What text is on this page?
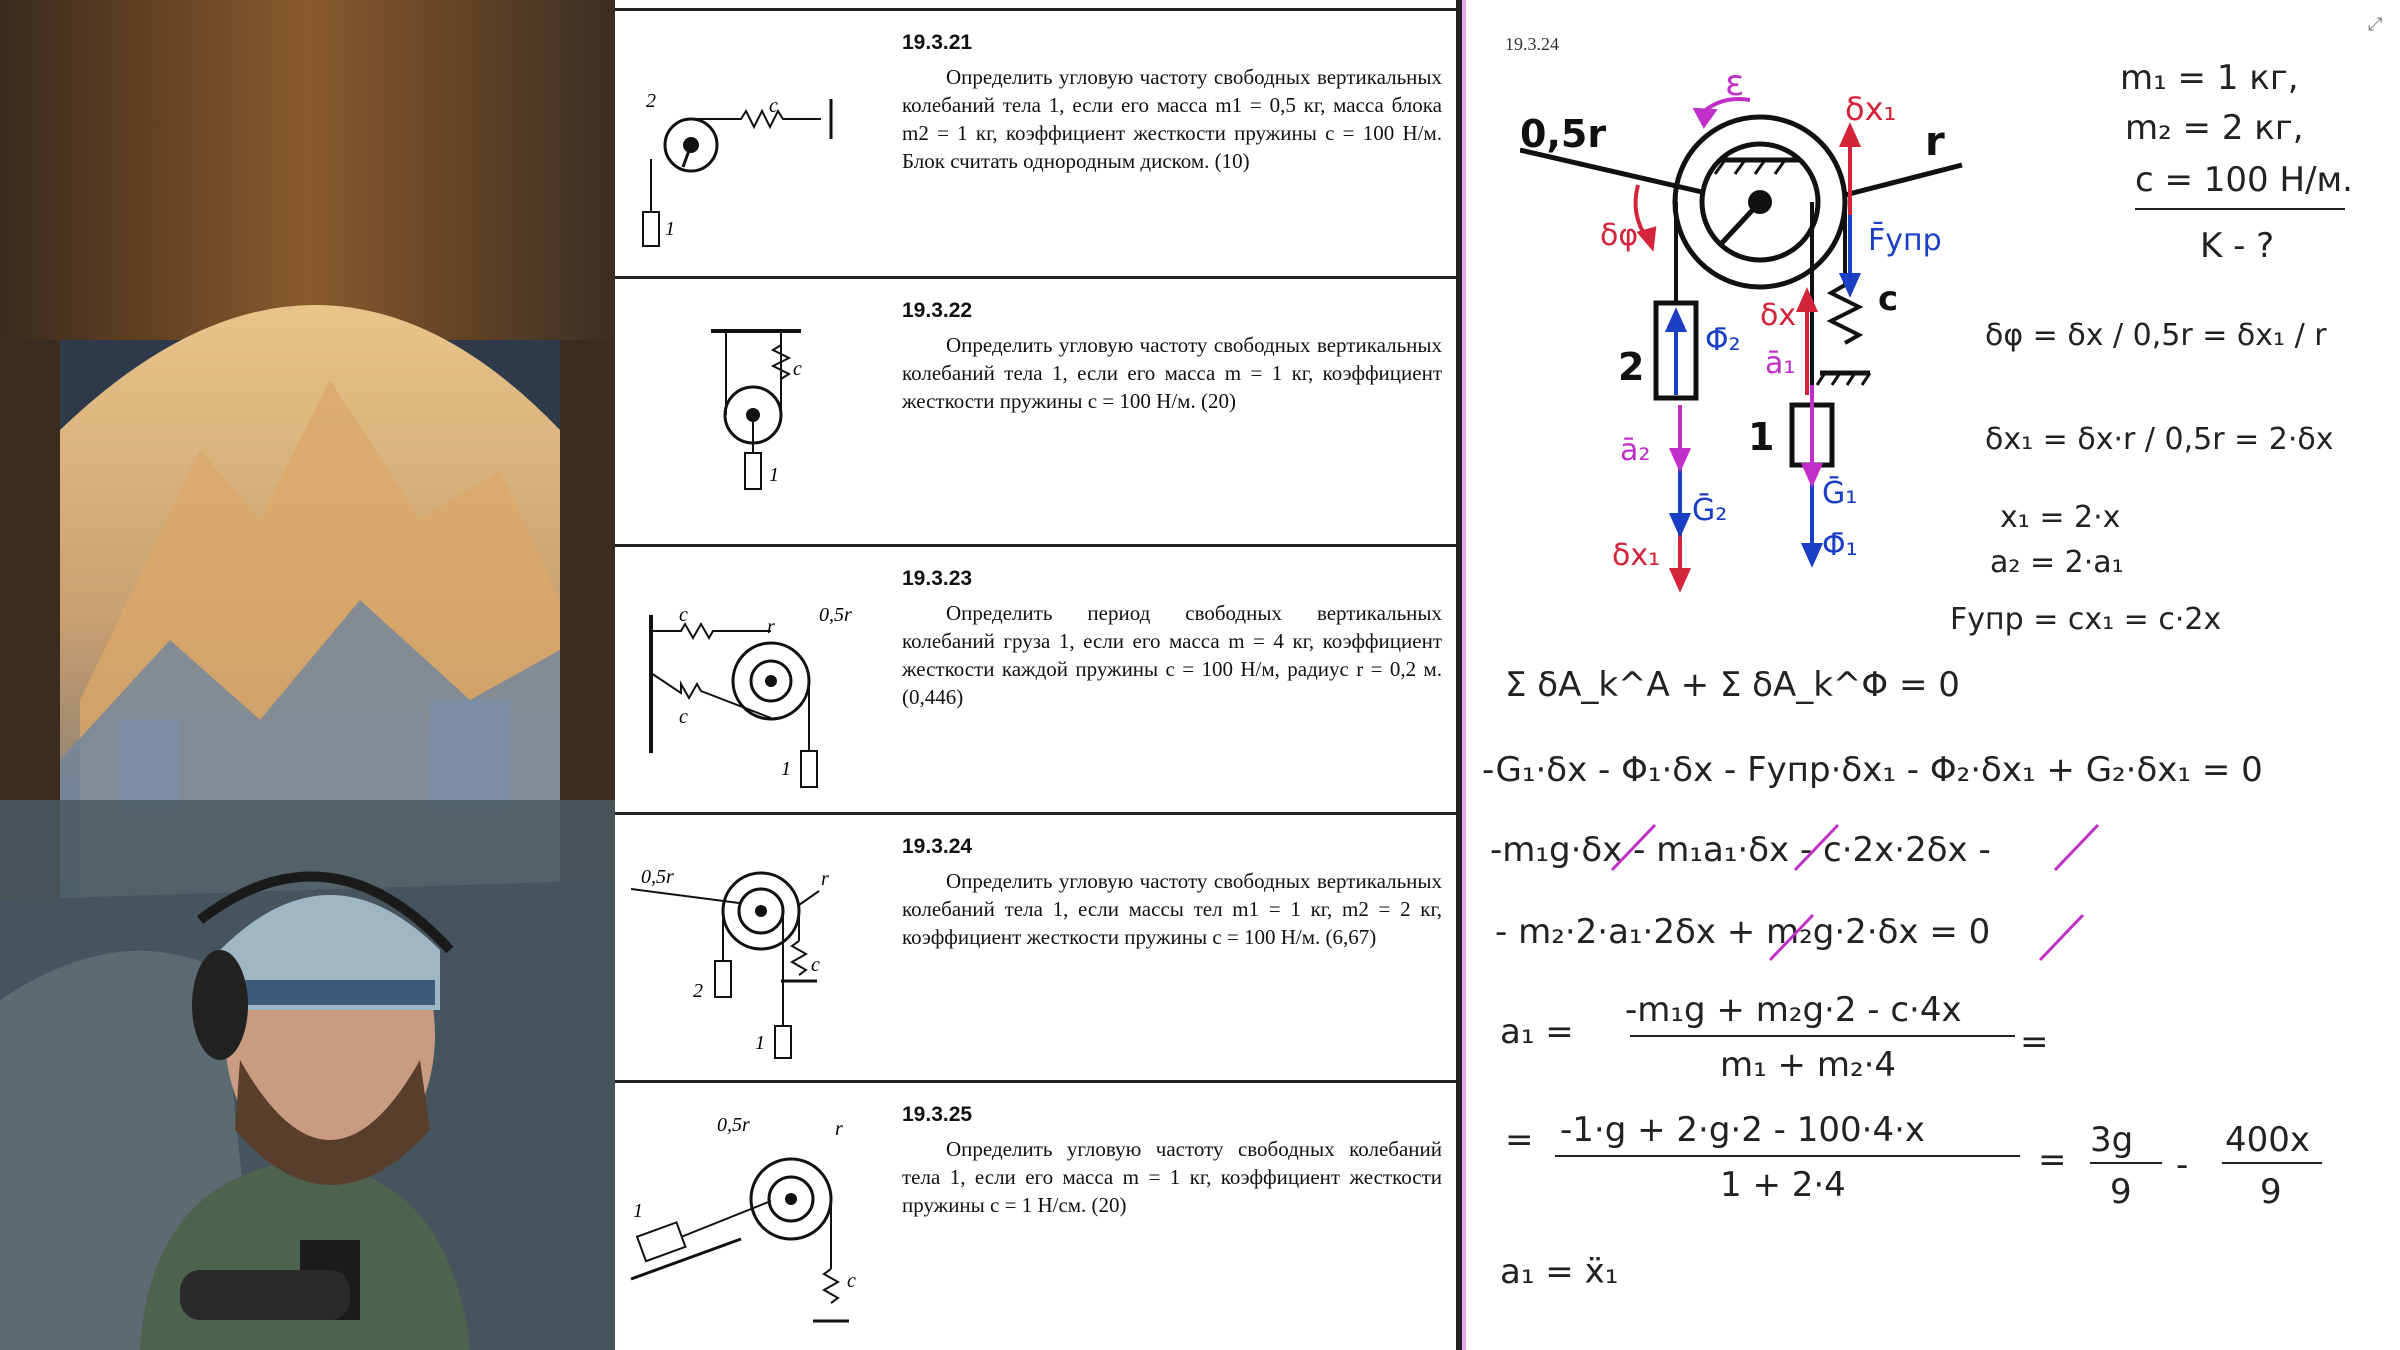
2	c
1
19.3.21
Определить угловую частоту свободных вертикальных колебаний тела 1, если его масса m1 = 0,5 кг, масса блока m2 = 1 кг, коэффициент жесткости пружины c = 100 Н/м. Блок считать однородным диском. (10)
c
1
19.3.22
Определить угловую частоту свободных вертикальных колебаний тела 1, если его масса m = 1 кг, коэффициент жесткости пружины c = 100 Н/м. (20)
c
r
0,5r
c
1
19.3.23
Определить период свободных вертикальных колебаний груза 1, если его масса m = 4 кг, коэффициент жесткости каждой пружины c = 100 Н/м, радиус r = 0,2 м. (0,446)
0,5r	r
2
c
1
19.3.24
Определить угловую частоту свободных вертикальных колебаний тела 1, если массы тел m1 = 1 кг, m2 = 2 кг, коэффициент жесткости пружины c = 100 Н/м. (6,67)
0,5r	r
1
c
19.3.25
Определить угловую частоту свободных колебаний тела 1, если его масса m = 1 кг, коэффициент жесткости пружины c = 1 Н/см. (20)
19.3.24
⤢
0,5r	r
ε
δx₁
δφ	F̄упр
c
δx
ā₁
Φ̄₂
2
1
ā₂
Ḡ₂	Ḡ₁
Φ̄₁
δx₁
m₁ = 1 кг,
m₂ = 2 кг,
c = 100 Н/м.
K - ?
δφ = δx / 0,5r = δx₁ / r
δx₁ = δx·r / 0,5r = 2·δx
x₁ = 2·x
a₂ = 2·a₁
Fупр = cx₁ = c·2x
Σ δA_k^A + Σ δA_k^Φ = 0
-G₁·δx - Φ₁·δx - Fупр·δx₁ - Φ₂·δx₁ + G₂·δx₁ = 0
-m₁g·δx - m₁a₁·δx - c·2x·2δx -
- m₂·2·a₁·2δx + m₂g·2·δx = 0
a₁ =
-m₁g + m₂g·2 - c·4x
m₁ + m₂·4
=
= -1·g + 2·g·2 - 100·4·x
1 + 2·4
= 3g
9
-
400x
9
a₁ = ẍ₁
